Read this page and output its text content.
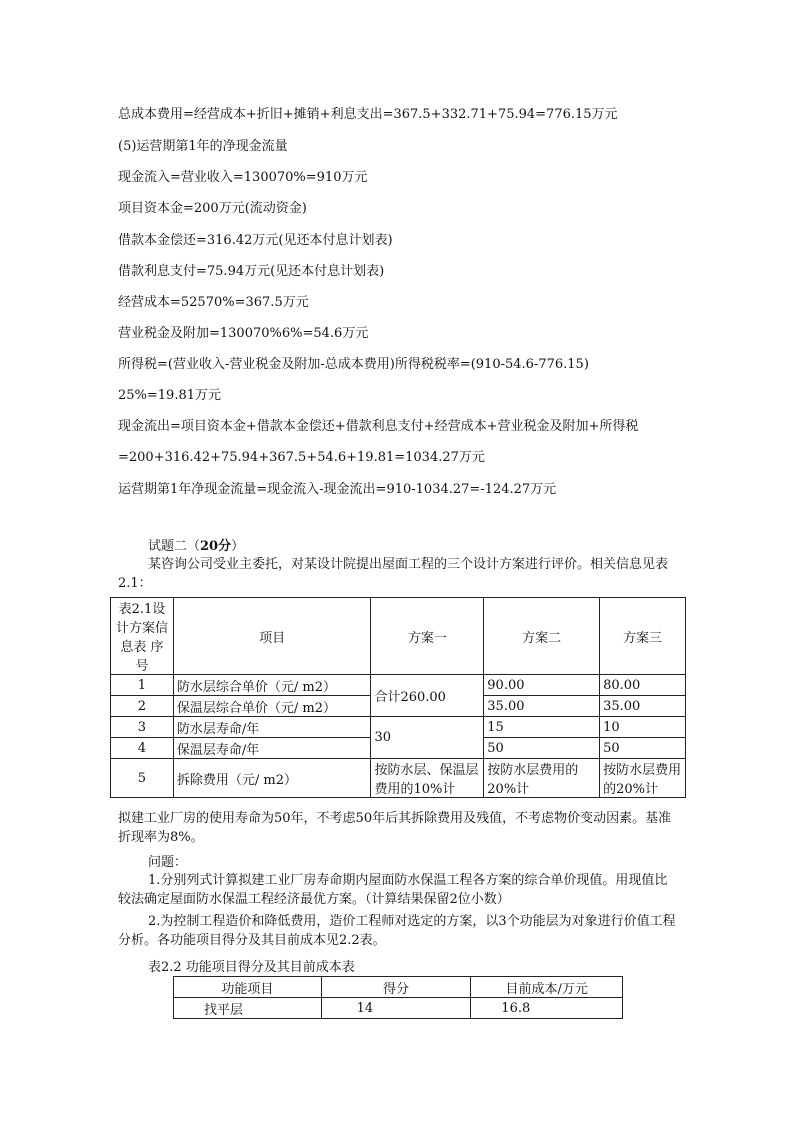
总成本费用=经营成本+折旧+摊销+利息支出=367.5+332.71+75.94=776.15万元
(5)运营期第1年的净现金流量
现金流入=营业收入=130070%=910万元
项目资本金=200万元(流动资金)
借款本金偿还=316.42万元(见还本付息计划表)
借款利息支付=75.94万元(见还本付息计划表)
经营成本=52570%=367.5万元
营业税金及附加=130070%6%=54.6万元
所得税=(营业收入-营业税金及附加-总成本费用)所得税税率=(910-54.6-776.15)
25%=19.81万元
现金流出=项目资本金+借款本金偿还+借款利息支付+经营成本+营业税金及附加+所得税
=200+316.42+75.94+367.5+54.6+19.81=1034.27万元
运营期第1年净现金流量=现金流入-现金流出=910-1034.27=-124.27万元
试题二（20分）
某咨询公司受业主委托，对某设计院提出屋面工程的三个设计方案进行评价。相关信息见表2.1：
表2.1设计方案信息表 序号	项目	方案一	方案二	方案三
1	防水层综合单价（元/ m2）	合计260.00	90.00	80.00
2	保温层综合单价（元/ m2）		35.00	35.00
3	防水层寿命/年	30	15	10
4	保温层寿命/年		50	50
5	拆除费用（元/ m2）	按防水层、保温层费用的10%计	按防水层费用的20%计	按防水层费用的20%计
拟建工业厂房的使用寿命为50年，不考虑50年后其拆除费用及残值，不考虑物价变动因素。基准折现率为8%。
问题：
1.分别列式计算拟建工业厂房寿命期内屋面防水保温工程各方案的综合单价现值。用现值比较法确定屋面防水保温工程经济最优方案。（计算结果保留2位小数）
2.为控制工程造价和降低费用，造价工程师对选定的方案，以3个功能层为对象进行价值工程分析。各功能项目得分及其目前成本见2.2表。
表2.2 功能项目得分及其目前成本表
功能项目	得分	目前成本/万元
找平层	14	16.8
